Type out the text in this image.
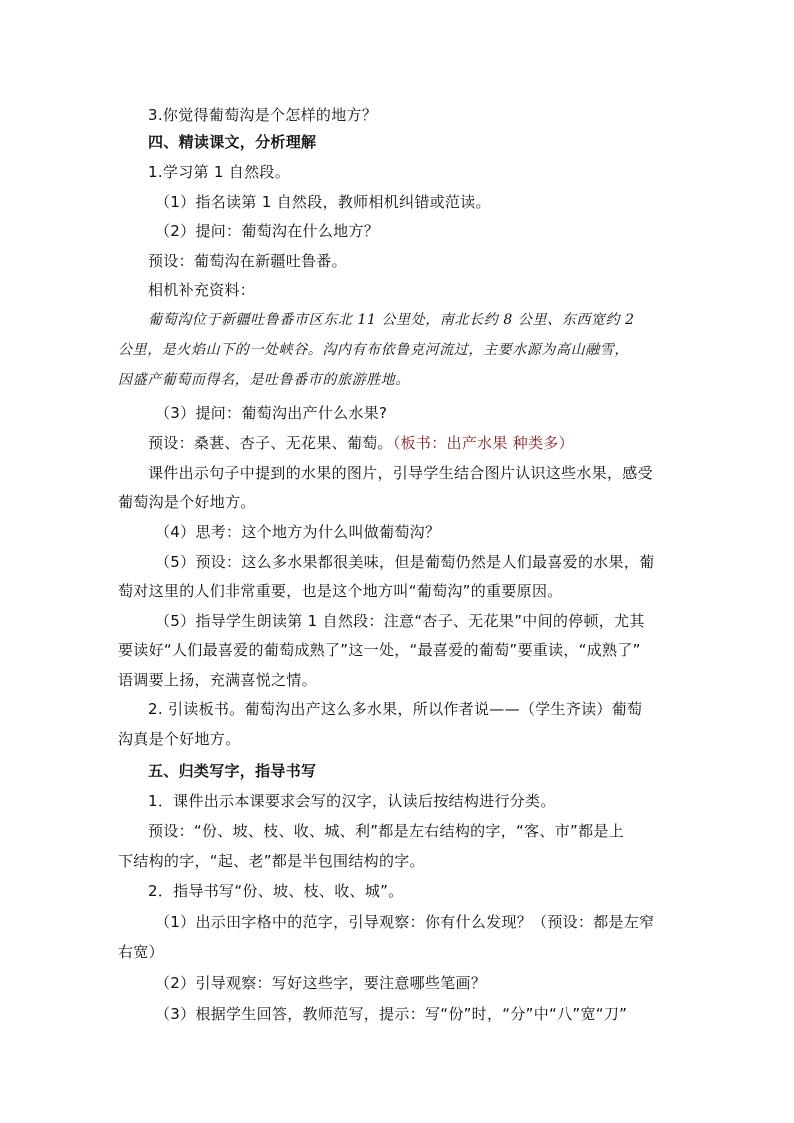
3.你觉得葡萄沟是个怎样的地方？
四、精读课文，分析理解
1.学习第 1 自然段。
（1）指名读第 1 自然段，教师相机纠错或范读。
（2）提问：葡萄沟在什么地方？
预设：葡萄沟在新疆吐鲁番。
相机补充资料：
葡萄沟位于新疆吐鲁番市区东北 11 公里处，南北长约 8 公里、东西宽约 2
公里，是火焰山下的一处峡谷。沟内有布依鲁克河流过，主要水源为高山融雪，
因盛产葡萄而得名，是吐鲁番市的旅游胜地。
（3）提问：葡萄沟出产什么水果?
预设：桑葚、杏子、无花果、葡萄。（板书：出产水果 种类多）
课件出示句子中提到的水果的图片，引导学生结合图片认识这些水果，感受
葡萄沟是个好地方。
（4）思考：这个地方为什么叫做葡萄沟？
（5）预设：这么多水果都很美味，但是葡萄仍然是人们最喜爱的水果，葡
萄对这里的人们非常重要，也是这个地方叫“葡萄沟”的重要原因。
（5）指导学生朗读第 1 自然段：注意“杏子、无花果”中间的停顿，尤其
要读好“人们最喜爱的葡萄成熟了”这一处，“最喜爱的葡萄”要重读，“成熟了”
语调要上扬，充满喜悦之情。
2. 引读板书。葡萄沟出产这么多水果，所以作者说——（学生齐读）葡萄
沟真是个好地方。
五、归类写字，指导书写
1．课件出示本课要求会写的汉字，认读后按结构进行分类。
预设：“份、坡、枝、收、城、利”都是左右结构的字，“客、市”都是上
下结构的字，“起、老”都是半包围结构的字。
2．指导书写“份、坡、枝、收、城”。
（1）出示田字格中的范字，引导观察：你有什么发现？（预设：都是左窄
右宽）
（2）引导观察：写好这些字，要注意哪些笔画？
（3）根据学生回答，教师范写，提示：写“份”时，“分”中“八”宽“刀”
